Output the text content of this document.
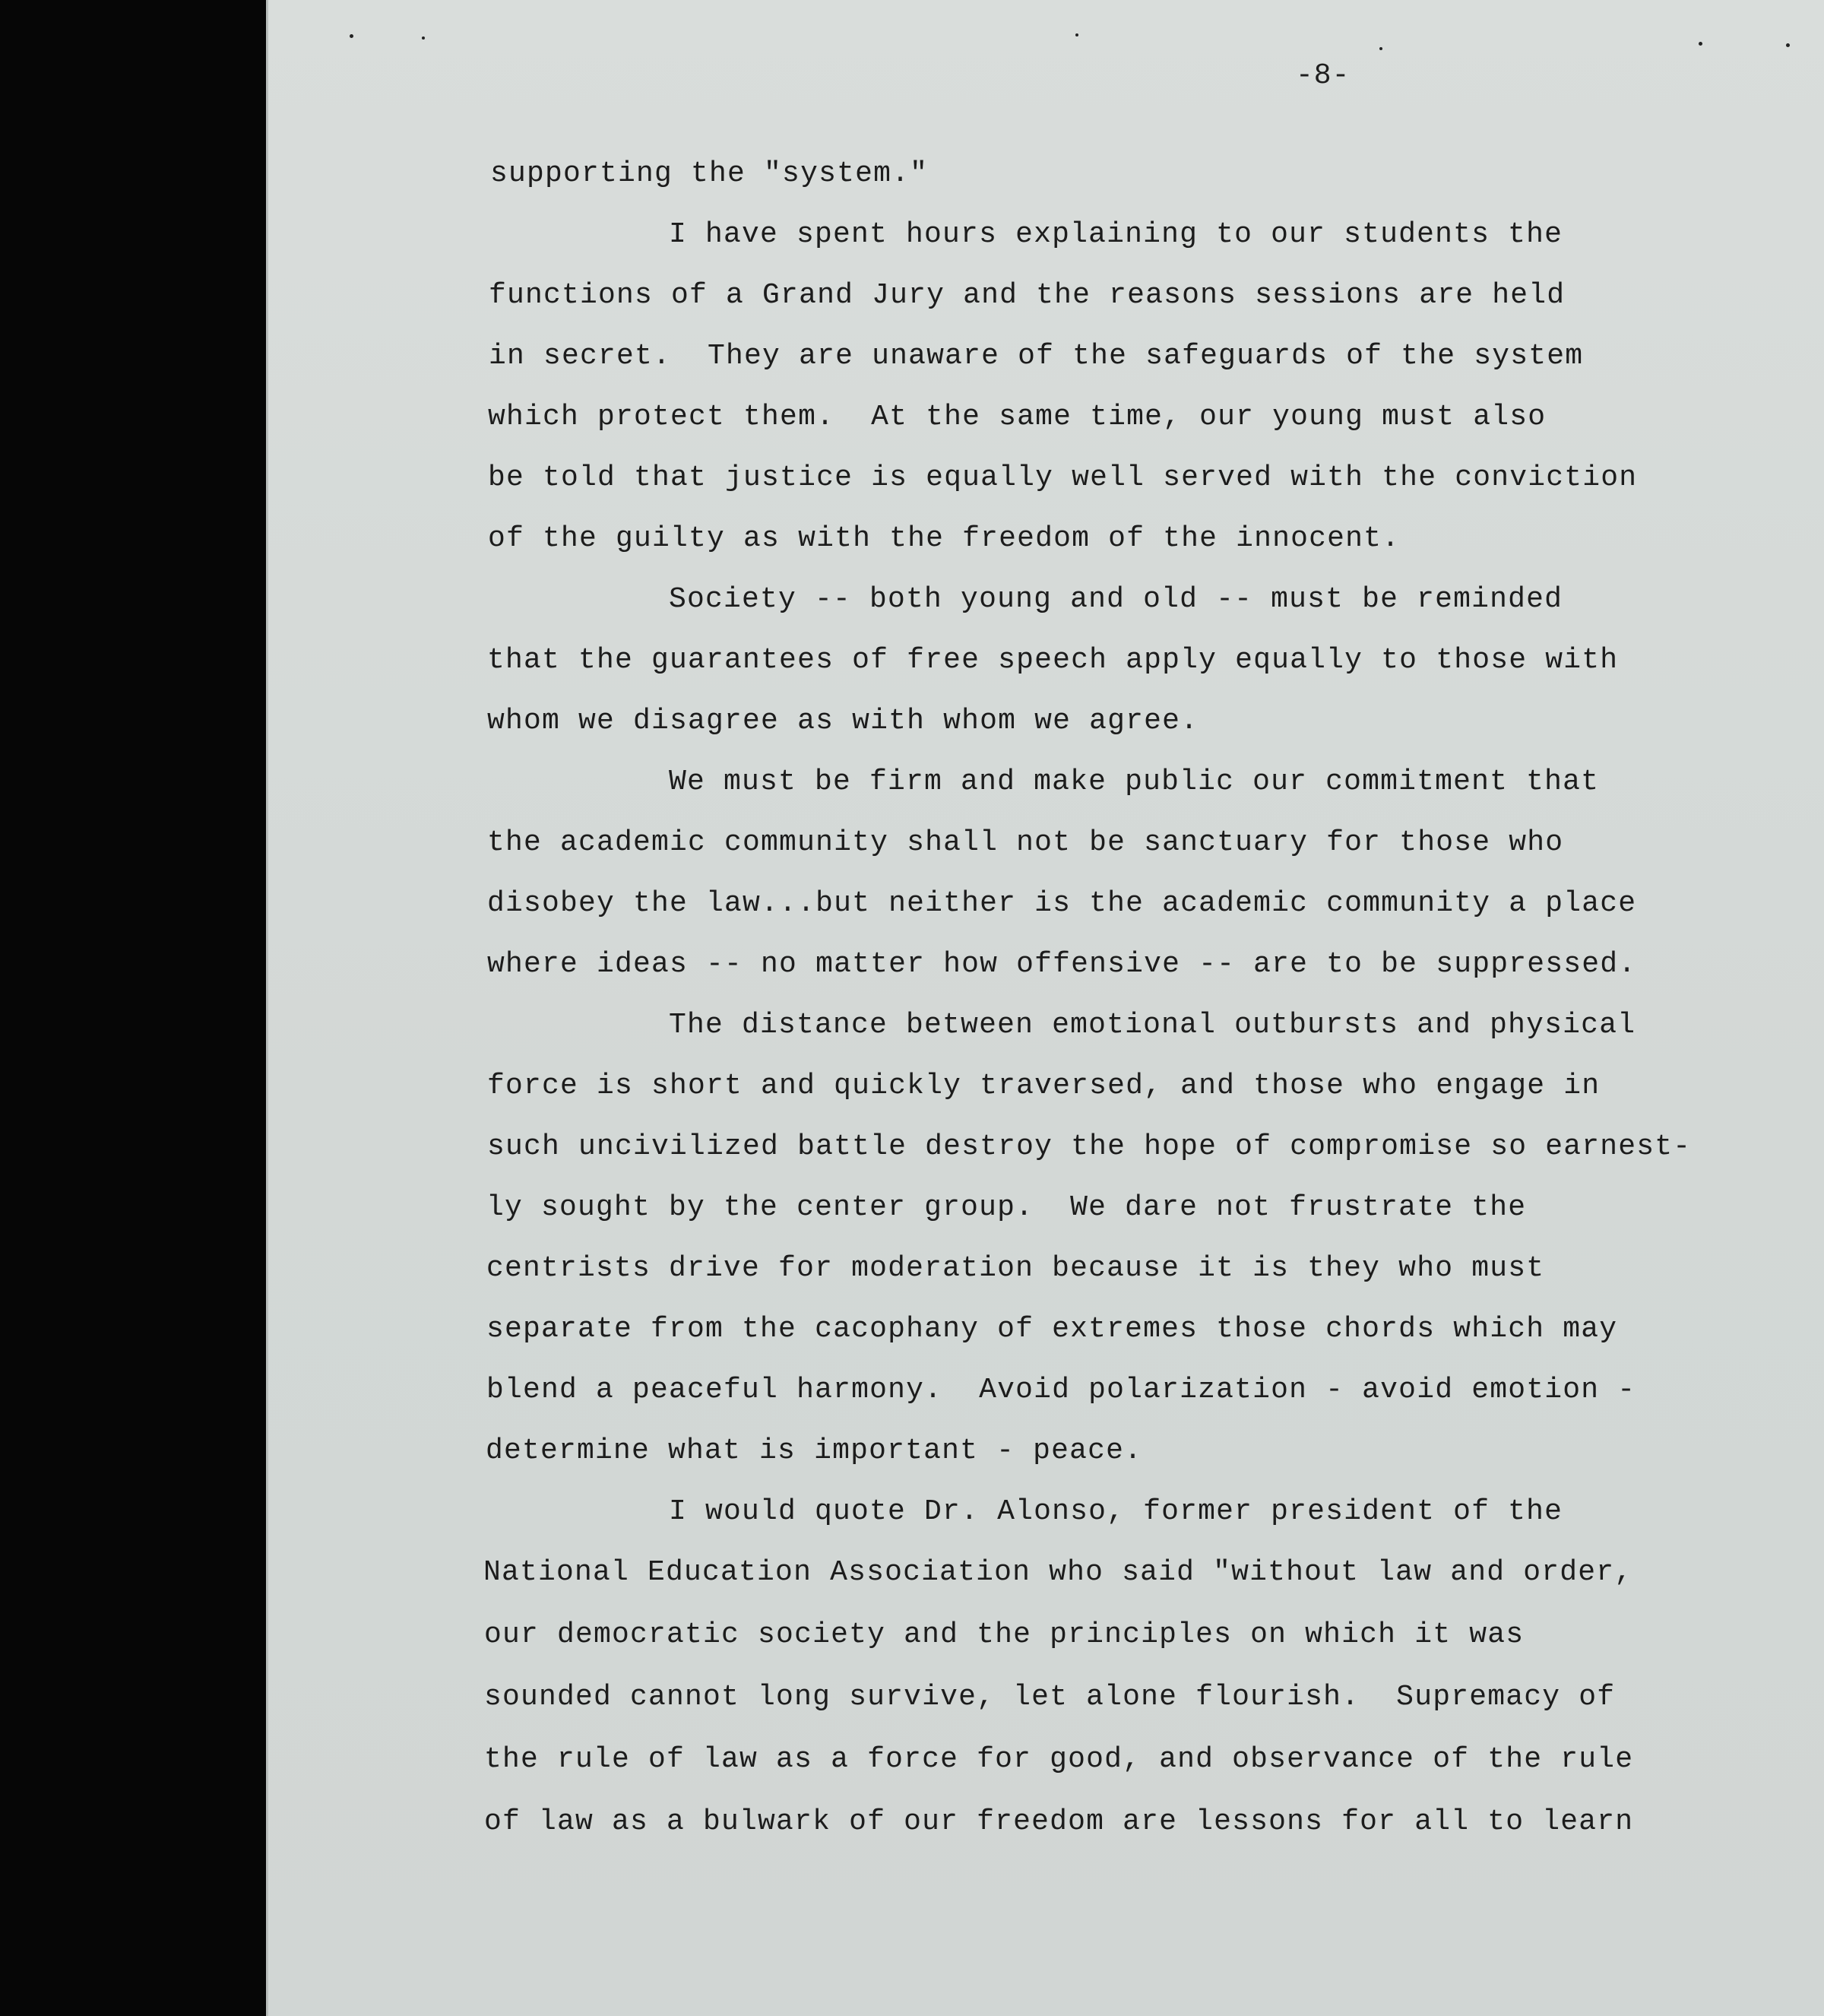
-8-
supporting the "system."
I have spent hours explaining to our students the
functions of a Grand Jury and the reasons sessions are held
in secret.  They are unaware of the safeguards of the system
which protect them.  At the same time, our young must also
be told that justice is equally well served with the conviction
of the guilty as with the freedom of the innocent.
Society -- both young and old -- must be reminded
that the guarantees of free speech apply equally to those with
whom we disagree as with whom we agree.
We must be firm and make public our commitment that
the academic community shall not be sanctuary for those who
disobey the law...but neither is the academic community a place
where ideas -- no matter how offensive -- are to be suppressed.
The distance between emotional outbursts and physical
force is short and quickly traversed, and those who engage in
such uncivilized battle destroy the hope of compromise so earnest-
ly sought by the center group.  We dare not frustrate the
centrists drive for moderation because it is they who must
separate from the cacophany of extremes those chords which may
blend a peaceful harmony.  Avoid polarization - avoid emotion -
determine what is important - peace.
I would quote Dr. Alonso, former president of the
National Education Association who said "without law and order,
our democratic society and the principles on which it was
sounded cannot long survive, let alone flourish.  Supremacy of
the rule of law as a force for good, and observance of the rule
of law as a bulwark of our freedom are lessons for all to learn
